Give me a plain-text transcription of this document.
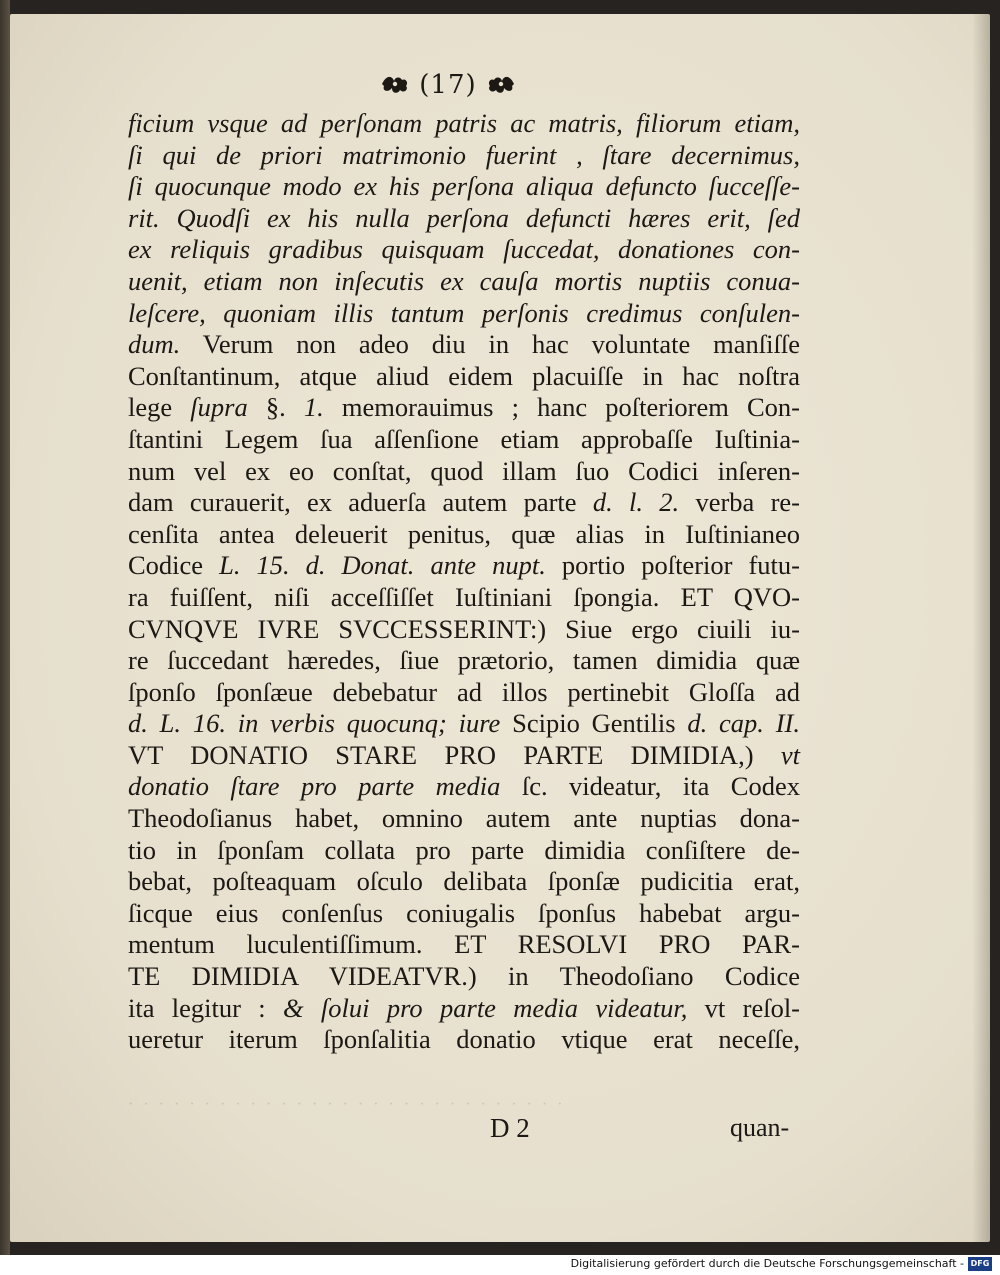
(17)
ficium vsque ad perſonam patris ac matris, filiorum etiam,
ſi qui de priori matrimonio fuerint , ſtare decernimus,
ſi quocunque modo ex his perſona aliqua defuncto ſucceſſe-
rit. Quodſi ex his nulla perſona defuncti hæres erit, ſed
ex reliquis gradibus quisquam ſuccedat, donationes con-
uenit, etiam non inſecutis ex cauſa mortis nuptiis conua-
leſcere, quoniam illis tantum perſonis credimus conſulen-
dum. Verum non adeo diu in hac voluntate manſiſſe
Conſtantinum, atque aliud eidem placuiſſe in hac noſtra
lege ſupra §. 1. memorauimus ; hanc poſteriorem Con-
ſtantini Legem ſua aſſenſione etiam approbaſſe Iuſtinia-
num vel ex eo conſtat, quod illam ſuo Codici inſeren-
dam curauerit, ex aduerſa autem parte d. l. 2. verba re-
cenſita antea deleuerit penitus, quæ alias in Iuſtinianeo
Codice L. 15. d. Donat. ante nupt. portio poſterior futu-
ra fuiſſent, niſi acceſſiſſet Iuſtiniani ſpongia. ET QVO-
CVNQVE IVRE SVCCESSERINT:) Siue ergo ciuili iu-
re ſuccedant hæredes, ſiue prætorio, tamen dimidia quæ
ſponſo ſponſæue debebatur ad illos pertinebit Gloſſa ad
d. L. 16. in verbis quocunq; iure Scipio Gentilis d. cap. II.
VT DONATIO STARE PRO PARTE DIMIDIA,) vt
donatio ſtare pro parte media ſc. videatur, ita Codex
Theodoſianus habet, omnino autem ante nuptias dona-
tio in ſponſam collata pro parte dimidia conſiſtere de-
bebat, poſteaquam oſculo delibata ſponſæ pudicitia erat,
ſicque eius conſenſus coniugalis ſponſus habebat argu-
mentum luculentiſſimum. ET RESOLVI PRO PAR-
TE DIMIDIA VIDEATVR.) in Theodoſiano Codice
ita legitur : & ſolui pro parte media videatur, vt reſol-
ueretur iterum ſponſalitia donatio vtique erat neceſſe,
· · · · · · · · · · · · · · · · · · · · · · · · · · · · ·
D 2	quan-
Digitalisierung gefördert durch die Deutsche Forschungsgemeinschaft - DFG
